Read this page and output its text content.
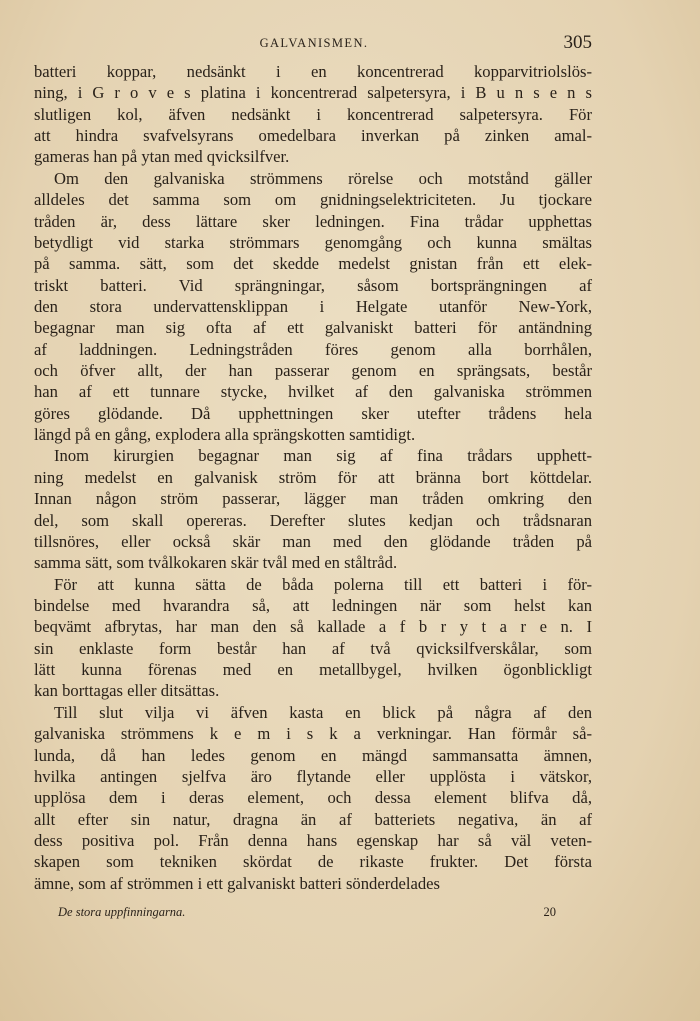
GALVANISMEN.	305
batteri koppar, nedsänkt i en koncentrerad kopparvitriolslös-
ning, i G r o v e s platina i koncentrerad salpetersyra, i B u n s e n s
slutligen kol, äfven nedsänkt i koncentrerad salpetersyra. För
att hindra svafvelsyrans omedelbara inverkan på zinken amal-
gameras han på ytan med qvicksilfver.
Om den galvaniska strömmens rörelse och motstånd gäller
alldeles det samma som om gnidningselektriciteten. Ju tjockare
tråden är, dess lättare sker ledningen. Fina trådar upphettas
betydligt vid starka strömmars genomgång och kunna smältas
på samma. sätt, som det skedde medelst gnistan från ett elek-
triskt batteri. Vid sprängningar, såsom bortsprängningen af
den stora undervattensklippan i Helgate utanför New-York,
begagnar man sig ofta af ett galvaniskt batteri för antändning
af laddningen. Ledningstråden föres genom alla borrhålen,
och öfver allt, der han passerar genom en sprängsats, består
han af ett tunnare stycke, hvilket af den galvaniska strömmen
göres glödande. Då upphettningen sker utefter trådens hela
längd på en gång, explodera alla sprängskotten samtidigt.
Inom kirurgien begagnar man sig af fina trådars upphett-
ning medelst en galvanisk ström för att bränna bort köttdelar.
Innan någon ström passerar, lägger man tråden omkring den
del, som skall opereras. Derefter slutes kedjan och trådsnaran
tillsnöres, eller också skär man med den glödande tråden på
samma sätt, som tvålkokaren skär tvål med en ståltråd.
För att kunna sätta de båda polerna till ett batteri i för-
bindelse med hvarandra så, att ledningen när som helst kan
beqvämt afbrytas, har man den så kallade a f b r y t a r e n. I
sin enklaste form består han af två qvicksilfverskålar, som
lätt kunna förenas med en metallbygel, hvilken ögonblickligt
kan borttagas eller ditsättas.
Till slut vilja vi äfven kasta en blick på några af den
galvaniska strömmens k e m i s k a verkningar. Han förmår så-
lunda, då han ledes genom en mängd sammansatta ämnen,
hvilka antingen sjelfva äro flytande eller upplösta i vätskor,
upplösa dem i deras element, och dessa element blifva då,
allt efter sin natur, dragna än af batteriets negativa, än af
dess positiva pol. Från denna hans egenskap har så väl veten-
skapen som tekniken skördat de rikaste frukter. Det första
ämne, som af strömmen i ett galvaniskt batteri sönderdelades
De stora uppfinningarna.	20
